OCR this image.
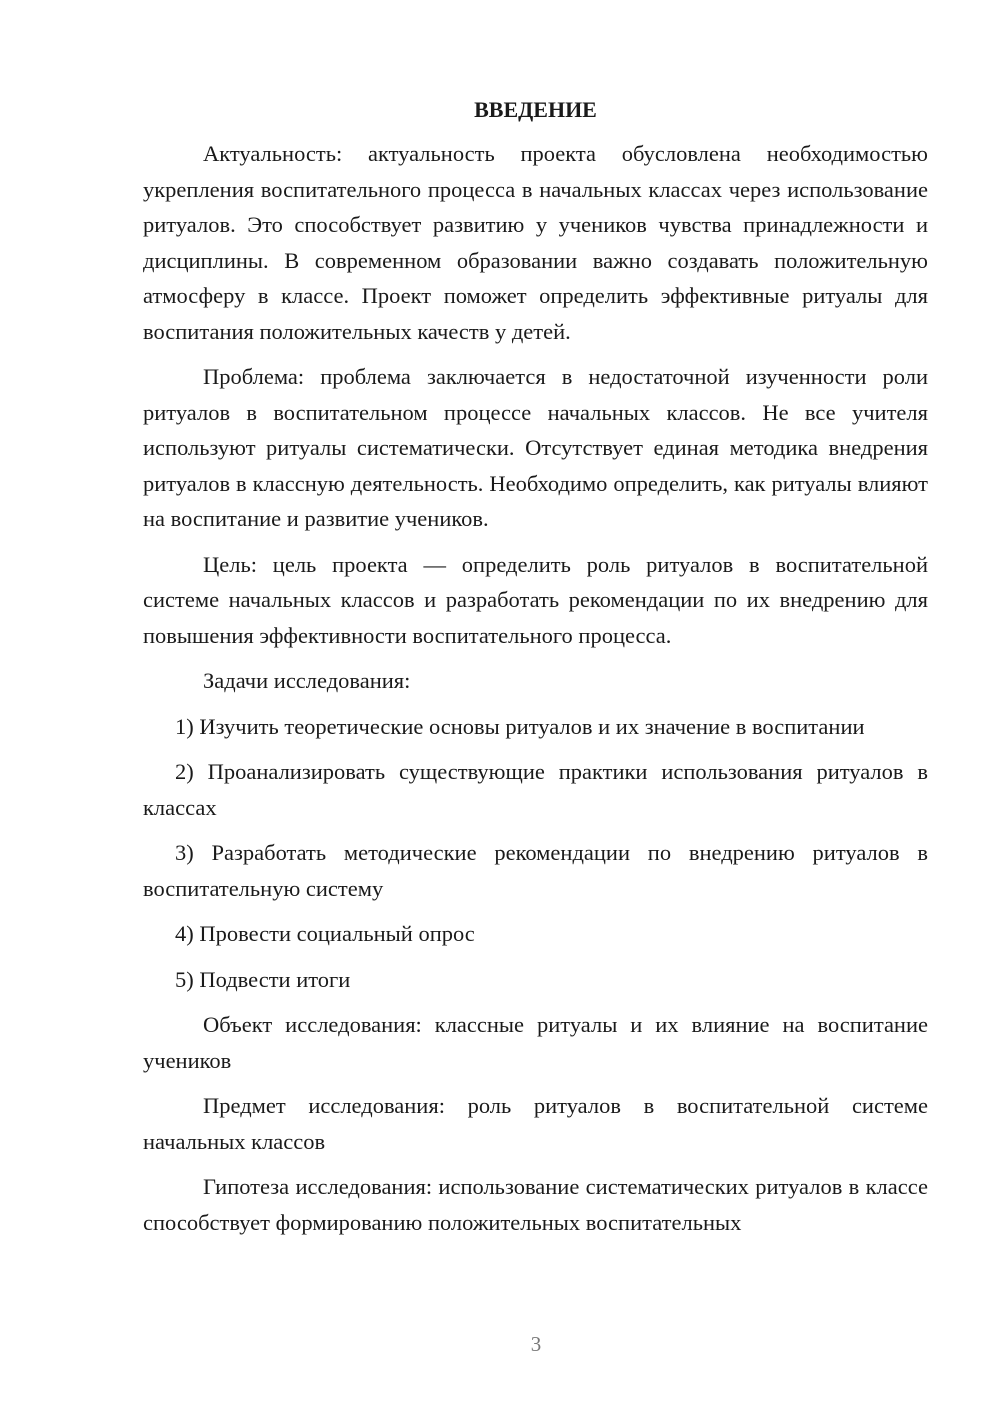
ВВЕДЕНИЕ

Актуальность: актуальность проекта обусловлена необходимостью укрепления воспитательного процесса в начальных классах через использование ритуалов. Это способствует развитию у учеников чувства принадлежности и дисциплины. В современном образовании важно создавать положительную атмосферу в классе. Проект поможет определить эффективные ритуалы для воспитания положительных качеств у детей.

Проблема: проблема заключается в недостаточной изученности роли ритуалов в воспитательном процессе начальных классов. Не все учителя используют ритуалы систематически. Отсутствует единая методика внедрения ритуалов в классную деятельность. Необходимо определить, как ритуалы влияют на воспитание и развитие учеников.

Цель: цель проекта — определить роль ритуалов в воспитательной системе начальных классов и разработать рекомендации по их внедрению для повышения эффективности воспитательного процесса.

Задачи исследования:

1) Изучить теоретические основы ритуалов и их значение в воспитании

2) Проанализировать существующие практики использования ритуалов в классах

3) Разработать методические рекомендации по внедрению ритуалов в воспитательную систему

4) Провести социальный опрос

5) Подвести итоги

Объект исследования: классные ритуалы и их влияние на воспитание учеников

Предмет исследования: роль ритуалов в воспитательной системе начальных классов

Гипотеза исследования: использование систематических ритуалов в классе способствует формированию положительных воспитательных

3
